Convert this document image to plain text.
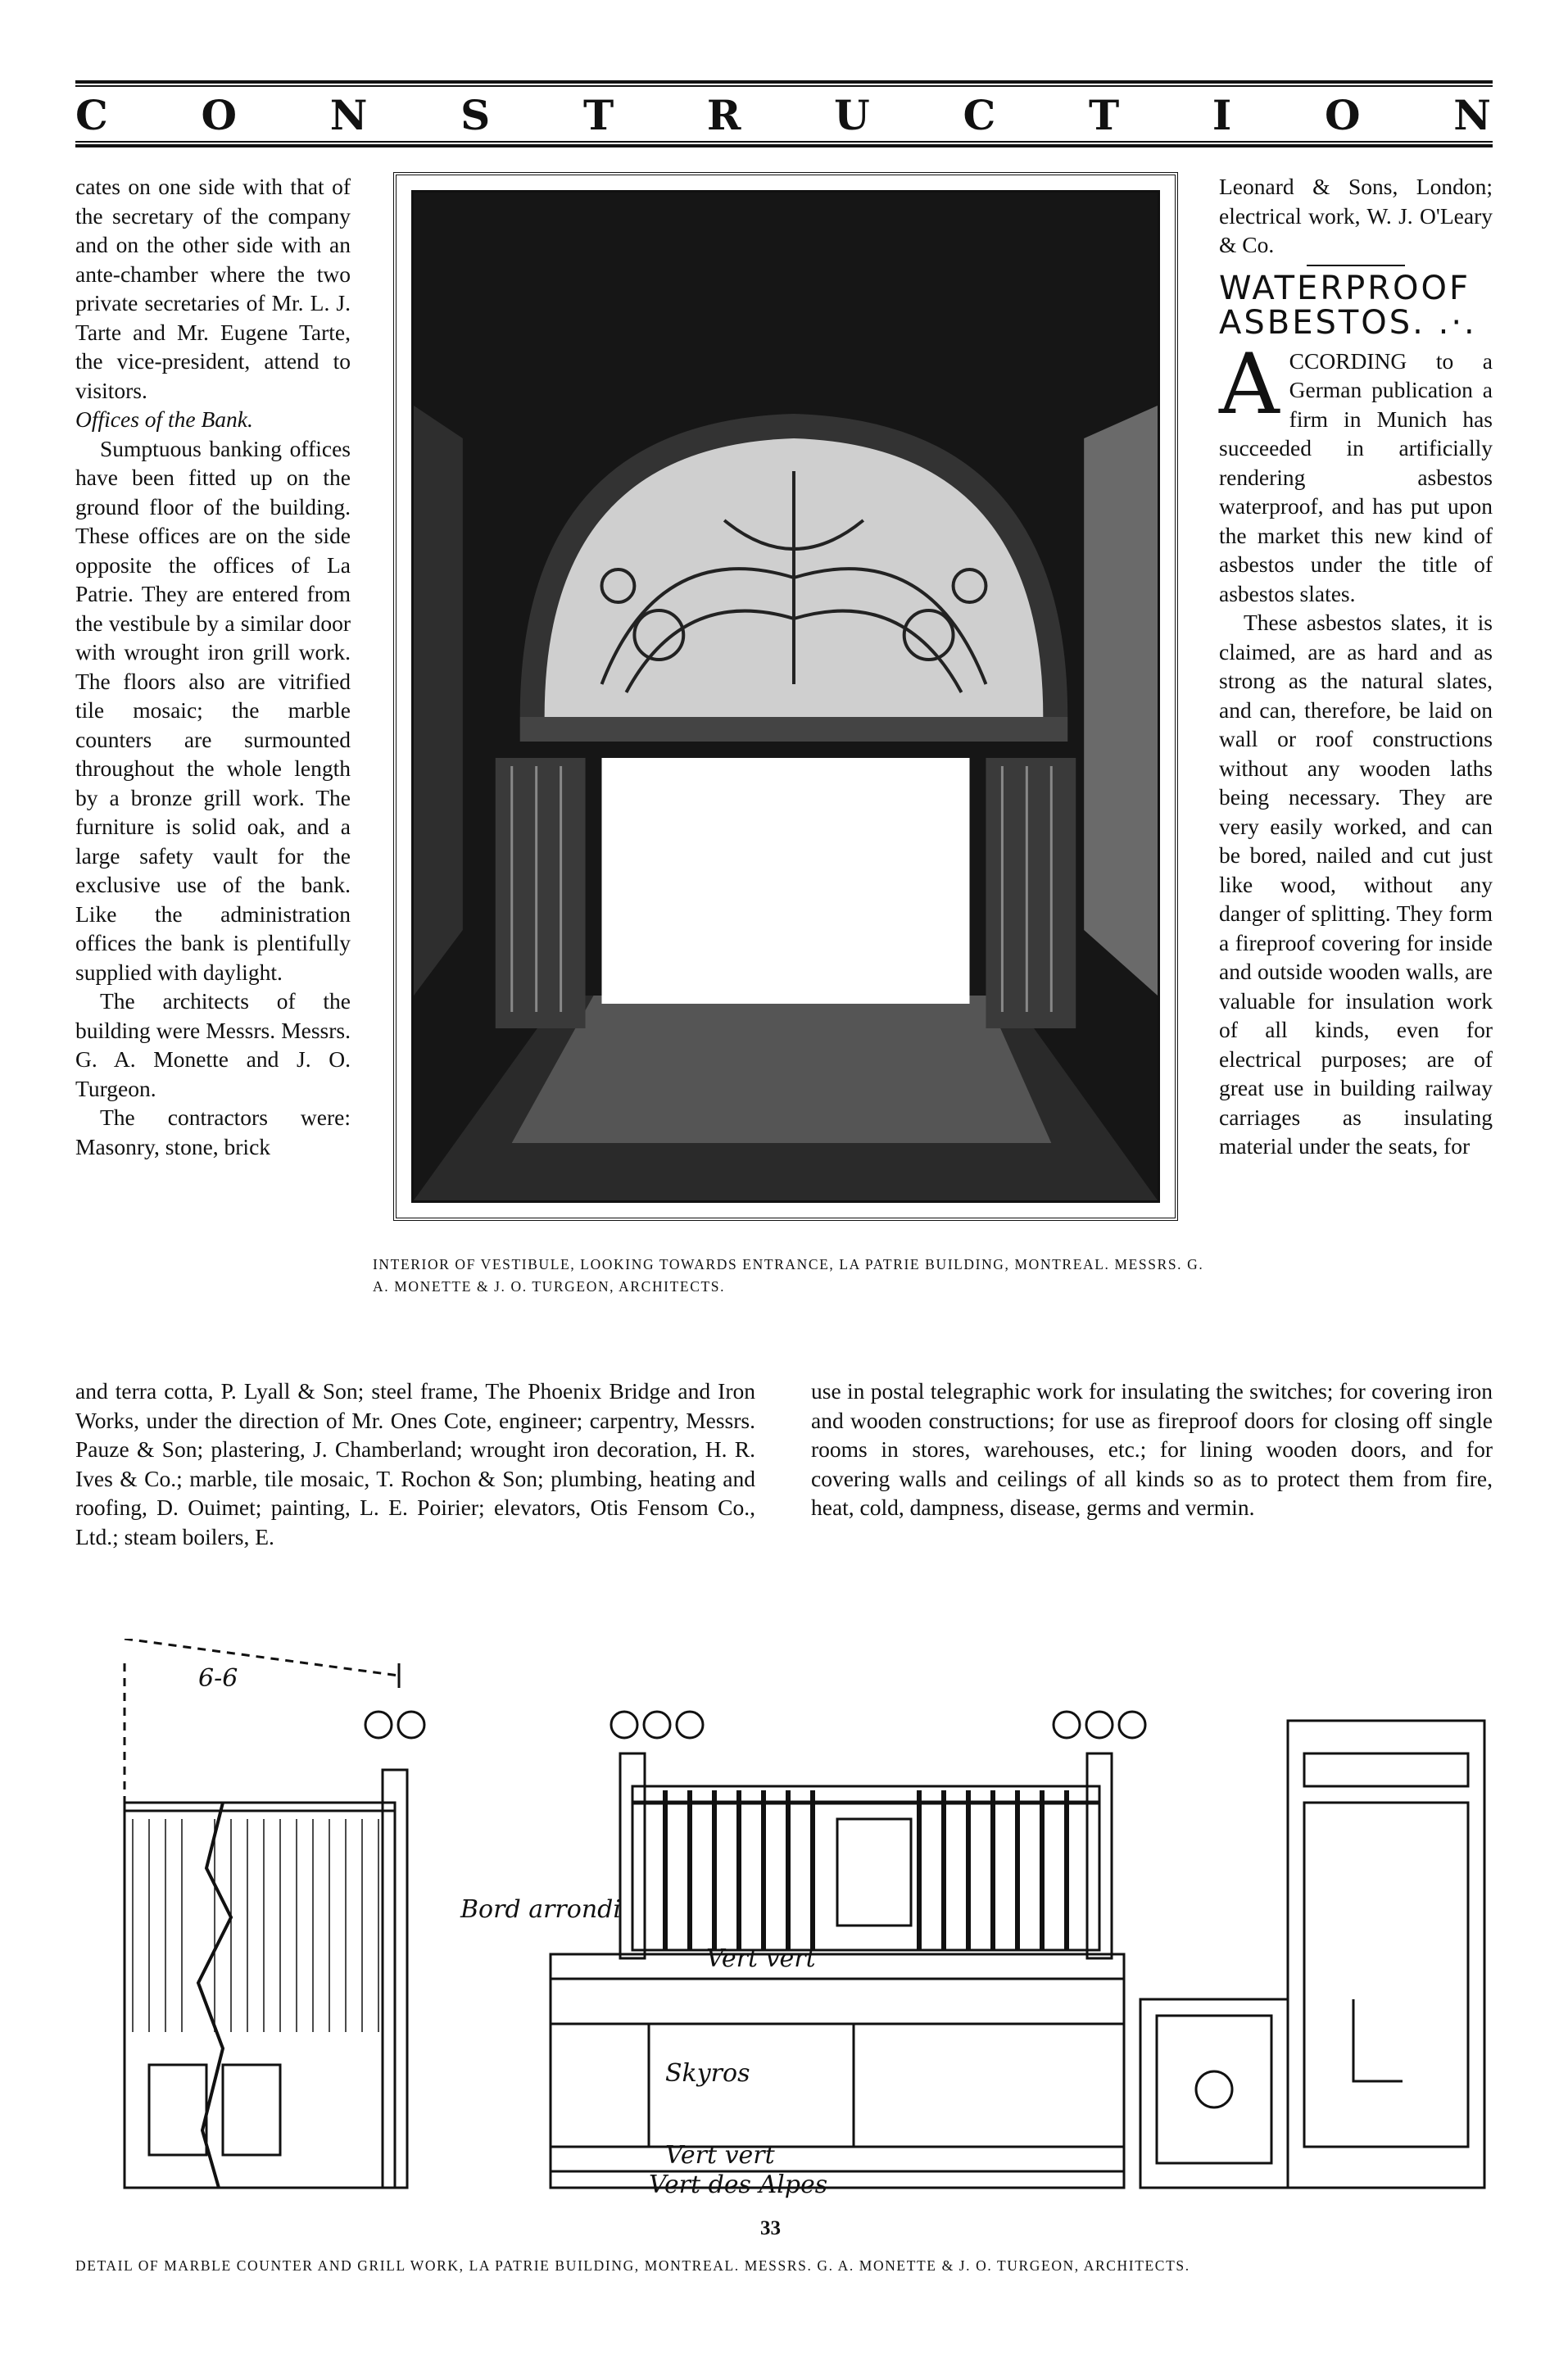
C O N S T R U C T I O N

cates on one side with that of the secretary of the company and on the other side with an ante-chamber where the two private secretaries of Mr. L. J. Tarte and Mr. Eugene Tarte, the vice-president, attend to visitors.

Offices of the Bank.

Sumptuous banking offices have been fitted up on the ground floor of the building. These offices are on the side opposite the offices of La Patrie. They are entered from the vestibule by a similar door with wrought iron grill work. The floors also are vitrified tile mosaic; the marble counters are surmounted throughout the whole length by a bronze grill work. The furniture is solid oak, and a large safety vault for the exclusive use of the bank. Like the administration offices the bank is plentifully supplied with daylight.

The architects of the building were Messrs. Messrs. G. A. Monette and J. O. Turgeon.

The contractors were: Masonry, stone, brick

and terra cotta, P. Lyall & Son; steel frame, The Phoenix Bridge and Iron Works, under the direction of Mr. Ones Cote, engineer; carpentry, Messrs. Pauze & Son; plastering, J. Chamberland; wrought iron decoration, H. R. Ives & Co.; marble, tile mosaic, T. Rochon & Son; plumbing, heating and roofing, D. Ouimet; painting, L. E. Poirier; elevators, Otis Fensom Co., Ltd.; steam boilers, E.

INTERIOR OF VESTIBULE, LOOKING TOWARDS ENTRANCE, LA PATRIE BUILDING, MONTREAL. MESSRS. G. A. MONETTE & J. O. TURGEON, ARCHITECTS.

Leonard & Sons, London; electrical work, W. J. O'Leary & Co.

WATERPROOF ASBESTOS. .·.

ACCORDING to a German publication a firm in Munich has succeeded in artificially rendering asbestos waterproof, and has put upon the market this new kind of asbestos under the title of asbestos slates.

These asbestos slates, it is claimed, are as hard and as strong as the natural slates, and can, therefore, be laid on wall or roof constructions without any wooden laths being necessary. They are very easily worked, and can be bored, nailed and cut just like wood, without any danger of splitting. They form a fireproof covering for inside and outside wooden walls, are valuable for insulation work of all kinds, even for electrical purposes; are of great use in building railway carriages as insulating material under the seats, for

use in postal telegraphic work for insulating the switches; for covering iron and wooden constructions; for use as fireproof doors for closing off single rooms in stores, warehouses, etc.; for lining wooden doors, and for covering walls and ceilings of all kinds so as to protect them from fire, heat, cold, dampness, disease, germs and vermin.

6-6
Bord arrondi
Vert vert
Skyros
Vert vert
Vert des Alpes
DETAIL OF MARBLE COUNTER AND GRILL WORK, LA PATRIE BUILDING, MONTREAL. MESSRS. G. A. MONETTE & J. O. TURGEON, ARCHITECTS.
33
